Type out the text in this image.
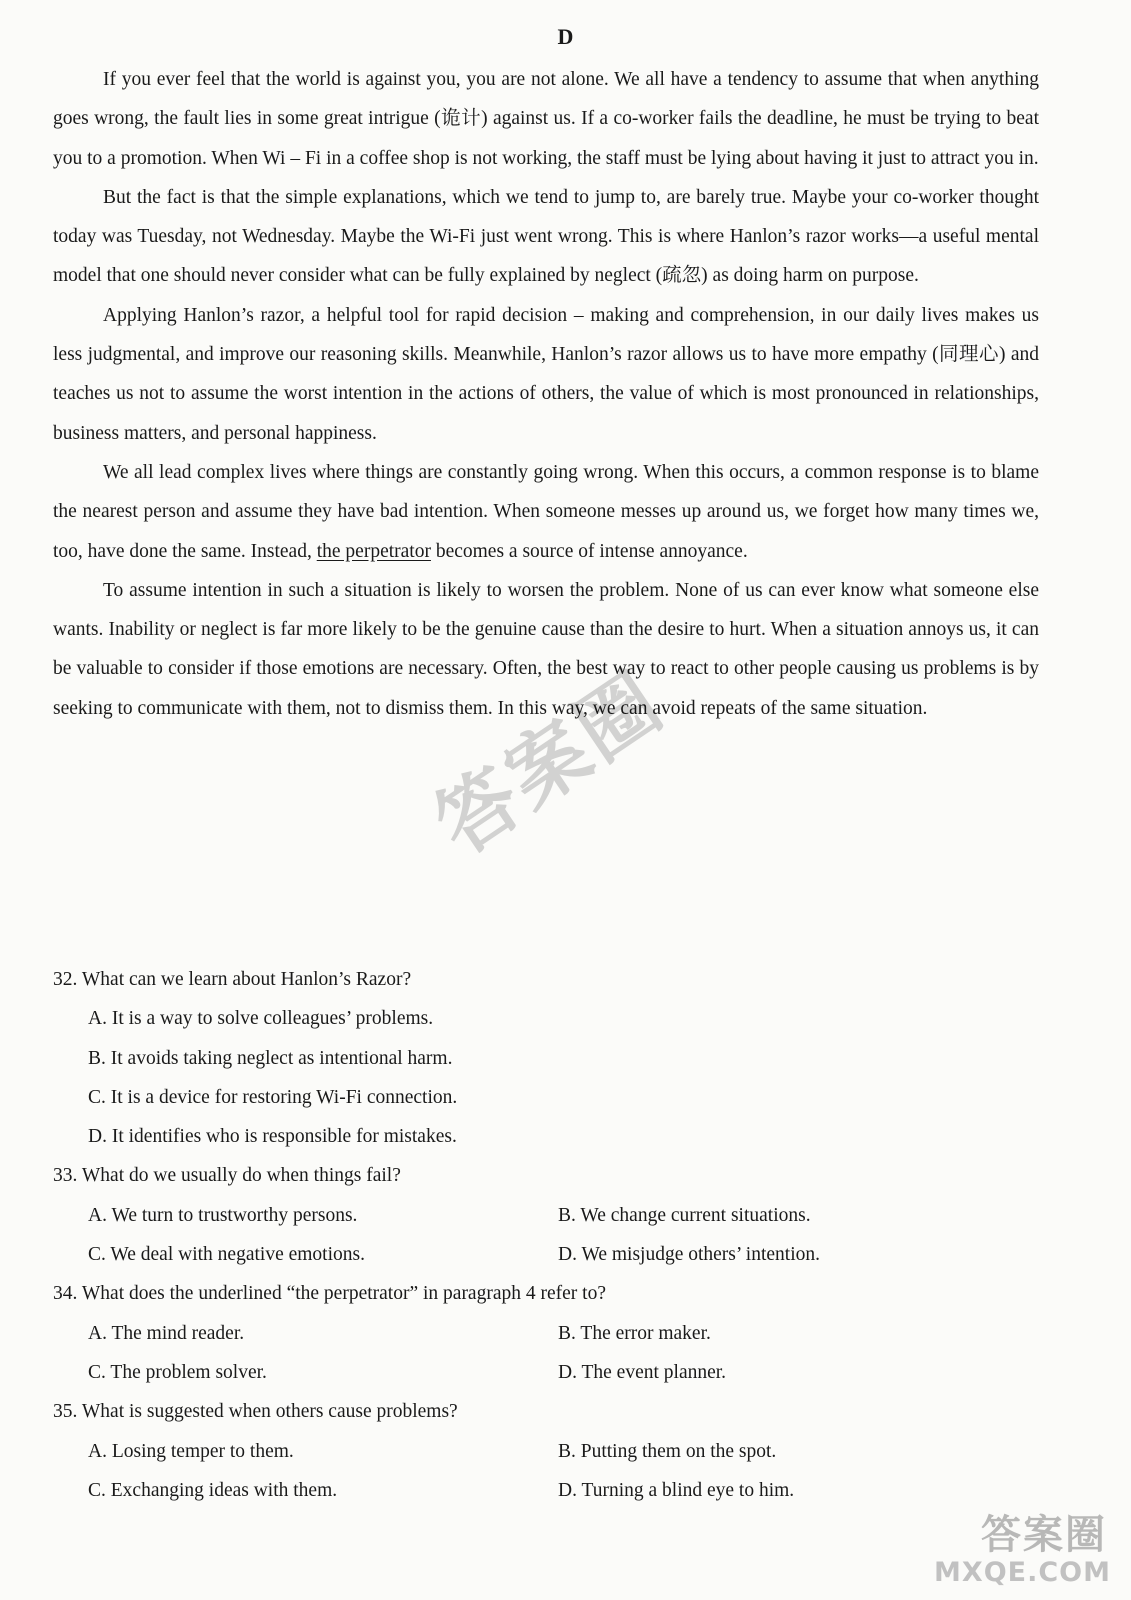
D

If you ever feel that the world is against you, you are not alone. We all have a tendency to assume that when anything goes wrong, the fault lies in some great intrigue (诡计) against us. If a co-worker fails the deadline, he must be trying to beat you to a promotion. When Wi – Fi in a coffee shop is not working, the staff must be lying about having it just to attract you in.

But the fact is that the simple explanations, which we tend to jump to, are barely true. Maybe your co-worker thought today was Tuesday, not Wednesday. Maybe the Wi-Fi just went wrong. This is where Hanlon’s razor works—a useful mental model that one should never consider what can be fully explained by neglect (疏忽) as doing harm on purpose.

Applying Hanlon’s razor, a helpful tool for rapid decision – making and comprehension, in our daily lives makes us less judgmental, and improve our reasoning skills. Meanwhile, Hanlon’s razor allows us to have more empathy (同理心) and teaches us not to assume the worst intention in the actions of others, the value of which is most pronounced in relationships, business matters, and personal happiness.

We all lead complex lives where things are constantly going wrong. When this occurs, a common response is to blame the nearest person and assume they have bad intention. When someone messes up around us, we forget how many times we, too, have done the same. Instead, the perpetrator becomes a source of intense annoyance.

To assume intention in such a situation is likely to worsen the problem. None of us can ever know what someone else wants. Inability or neglect is far more likely to be the genuine cause than the desire to hurt. When a situation annoys us, it can be valuable to consider if those emotions are necessary. Often, the best way to react to other people causing us problems is by seeking to communicate with them, not to dismiss them. In this way, we can avoid repeats of the same situation.

32. What can we learn about Hanlon’s Razor?

A. It is a way to solve colleagues’ problems.

B. It avoids taking neglect as intentional harm.

C. It is a device for restoring Wi-Fi connection.

D. It identifies who is responsible for mistakes.

33. What do we usually do when things fail?

A. We turn to trustworthy persons.	B. We change current situations.
C. We deal with negative emotions.	D. We misjudge others’ intention.

34. What does the underlined “the perpetrator” in paragraph 4 refer to?

A. The mind reader.	B. The error maker.
C. The problem solver.	D. The event planner.

35. What is suggested when others cause problems?

A. Losing temper to them.	B. Putting them on the spot.
C. Exchanging ideas with them.	D. Turning a blind eye to him.
答案圈
答案圈
MXQE.COM
